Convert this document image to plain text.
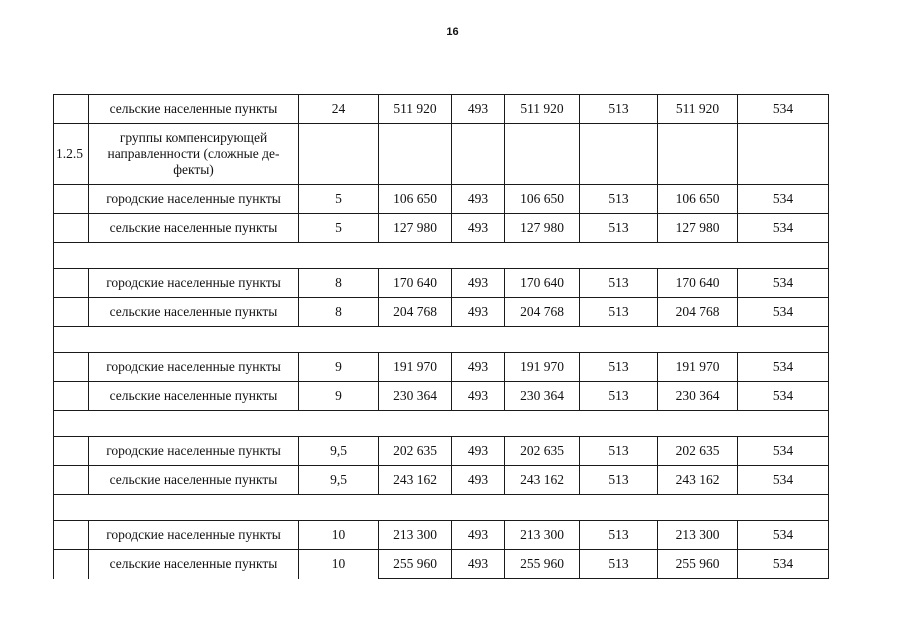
16
	сельские населенные пункты	24	511 920	493	511 920	513	511 920	534
1.2.5	группы компенсирующей направленности (сложные де-фекты)							
	городские населенные пункты	5	106 650	493	106 650	513	106 650	534
	сельские населенные пункты	5	127 980	493	127 980	513	127 980	534

	городские населенные пункты	8	170 640	493	170 640	513	170 640	534
	сельские населенные пункты	8	204 768	493	204 768	513	204 768	534

	городские населенные пункты	9	191 970	493	191 970	513	191 970	534
	сельские населенные пункты	9	230 364	493	230 364	513	230 364	534

	городские населенные пункты	9,5	202 635	493	202 635	513	202 635	534
	сельские населенные пункты	9,5	243 162	493	243 162	513	243 162	534

	городские населенные пункты	10	213 300	493	213 300	513	213 300	534
	сельские населенные пункты	10	255 960	493	255 960	513	255 960	534
